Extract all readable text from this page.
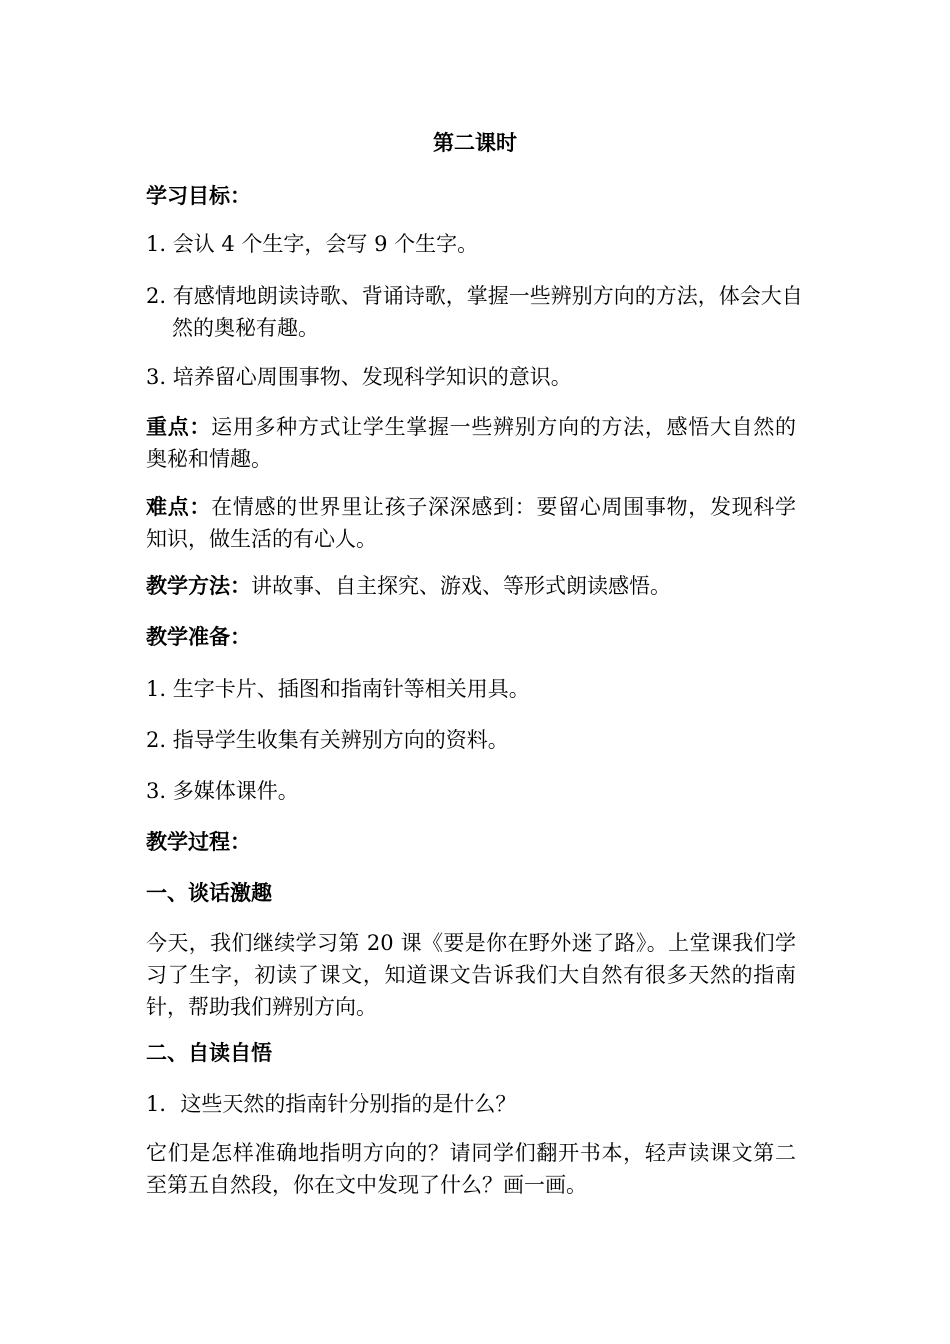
第二课时

学习目标：

1. 会认 4 个生字，会写 9 个生字。

2. 有感情地朗读诗歌、背诵诗歌，掌握一些辨别方向的方法，体会大自然的奥秘有趣。

3. 培养留心周围事物、发现科学知识的意识。

重点：运用多种方式让学生掌握一些辨别方向的方法，感悟大自然的奥秘和情趣。

难点：在情感的世界里让孩子深深感到：要留心周围事物，发现科学知识，做生活的有心人。

教学方法：讲故事、自主探究、游戏、等形式朗读感悟。

教学准备：

1. 生字卡片、插图和指南针等相关用具。

2. 指导学生收集有关辨别方向的资料。

3. 多媒体课件。

教学过程：

一、谈话激趣

今天，我们继续学习第 20 课《要是你在野外迷了路》。上堂课我们学习了生字，初读了课文，知道课文告诉我们大自然有很多天然的指南针，帮助我们辨别方向。

二、自读自悟

1．这些天然的指南针分别指的是什么？

它们是怎样准确地指明方向的？请同学们翻开书本，轻声读课文第二至第五自然段，你在文中发现了什么？画一画。
